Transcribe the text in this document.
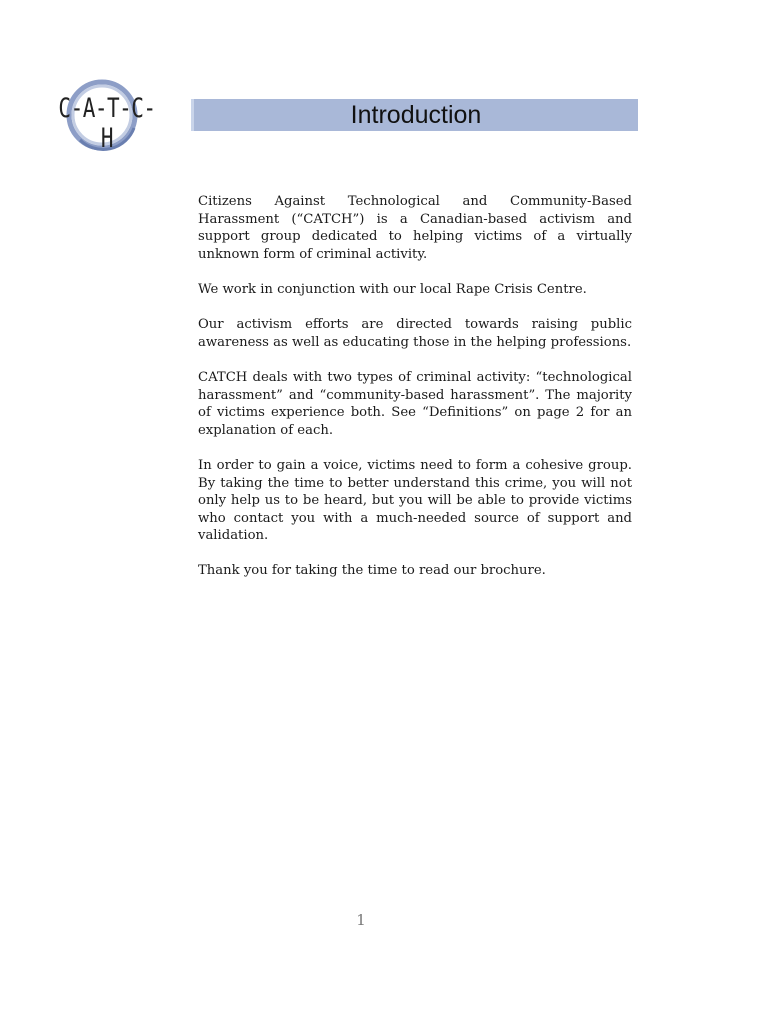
C-A-T-C-H
Introduction

Citizens Against Technological and Community-Based Harassment (“CATCH”) is a Canadian-based activism and support group dedicated to helping victims of a virtually unknown form of criminal activity.

We work in conjunction with our local Rape Crisis Centre.

Our activism efforts are directed towards raising public awareness as well as educating those in the helping professions.

CATCH deals with two types of criminal activity: “technological harassment” and “community-based harassment”. The majority of victims experience both. See “Definitions” on page 2 for an explanation of each.

In order to gain a voice, victims need to form a cohesive group. By taking the time to better understand this crime, you will not only help us to be heard, but you will be able to provide victims who contact you with a much-needed source of support and validation.

Thank you for taking the time to read our brochure.

1
